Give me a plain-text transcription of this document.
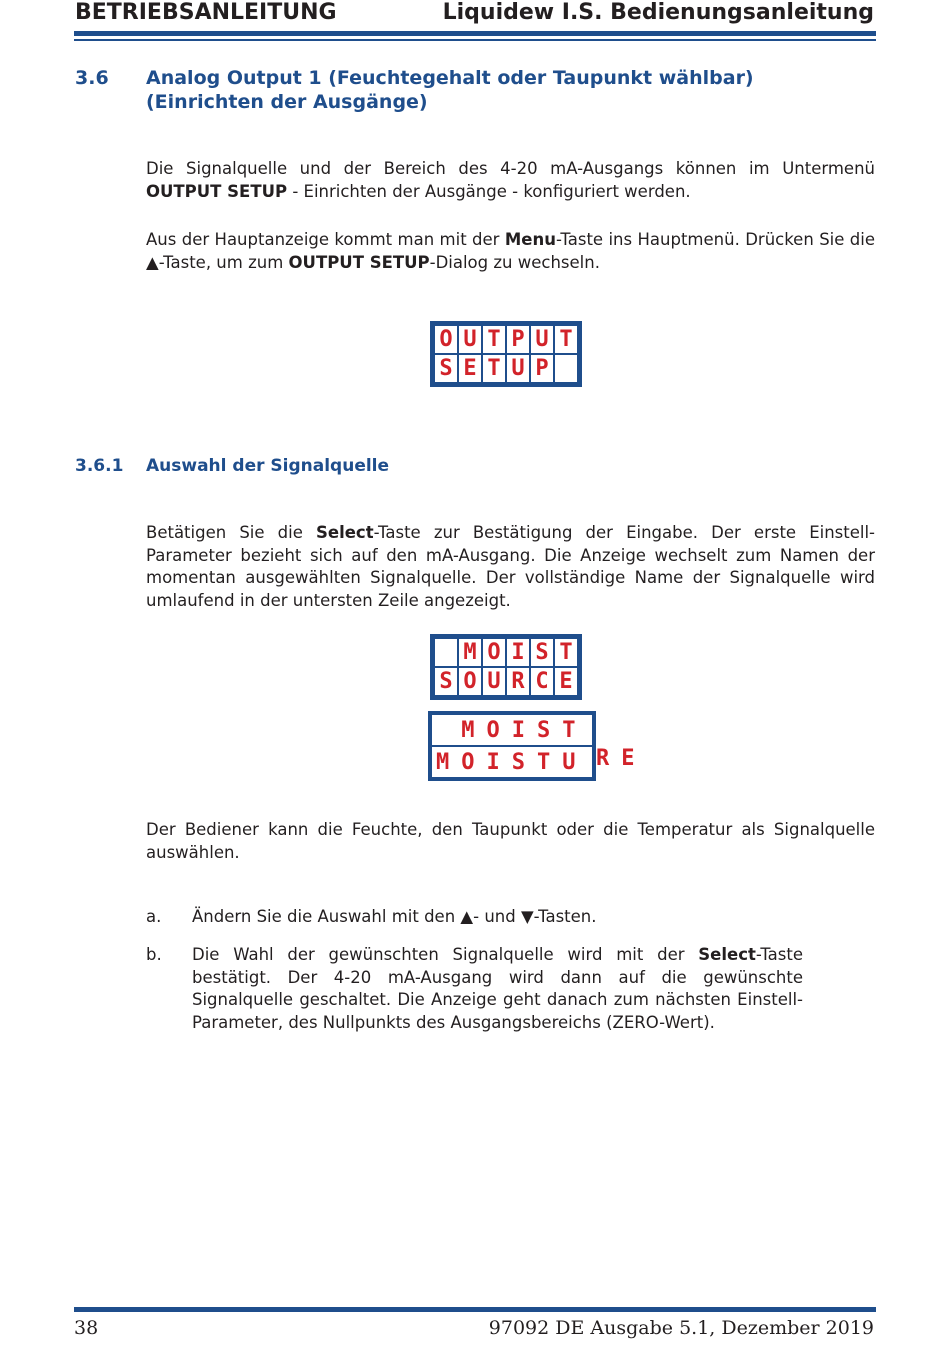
BETRIEBSANLEITUNG	Liquidew I.S. Bedienungsanleitung
3.6 Analog Output 1 (Feuchtegehalt oder Taupunkt wählbar)
(Einrichten der Ausgänge)
Die Signalquelle und der Bereich des 4-20 mA-Ausgangs können im Untermenü OUTPUT SETUP - Einrichten der Ausgänge - konfiguriert werden.
Aus der Hauptanzeige kommt man mit der Menu-Taste ins Hauptmenü. Drücken Sie die ▲-Taste, um zum OUTPUT SETUP-Dialog zu wechseln.
O U T P U T
S E T U P
3.6.1 Auswahl der Signalquelle
Betätigen Sie die Select-Taste zur Bestätigung der Eingabe. Der erste Einstell-Parameter bezieht sich auf den mA-Ausgang. Die Anzeige wechselt zum Namen der momentan ausgewählten Signalquelle. Der vollständige Name der Signalquelle wird umlaufend in der untersten Zeile angezeigt.
M O I S T
S O U R C E
MOIST
MOISTU RE
Der Bediener kann die Feuchte, den Taupunkt oder die Temperatur als Signalquelle auswählen.
a. Ändern Sie die Auswahl mit den ▲- und ▼-Tasten.
b. Die Wahl der gewünschten Signalquelle wird mit der Select-Taste bestätigt. Der 4-20 mA-Ausgang wird dann auf die gewünschte Signalquelle geschaltet. Die Anzeige geht danach zum nächsten Einstell-Parameter, des Nullpunkts des Ausgangsbereichs (ZERO-Wert).
38	97092 DE Ausgabe 5.1, Dezember 2019
